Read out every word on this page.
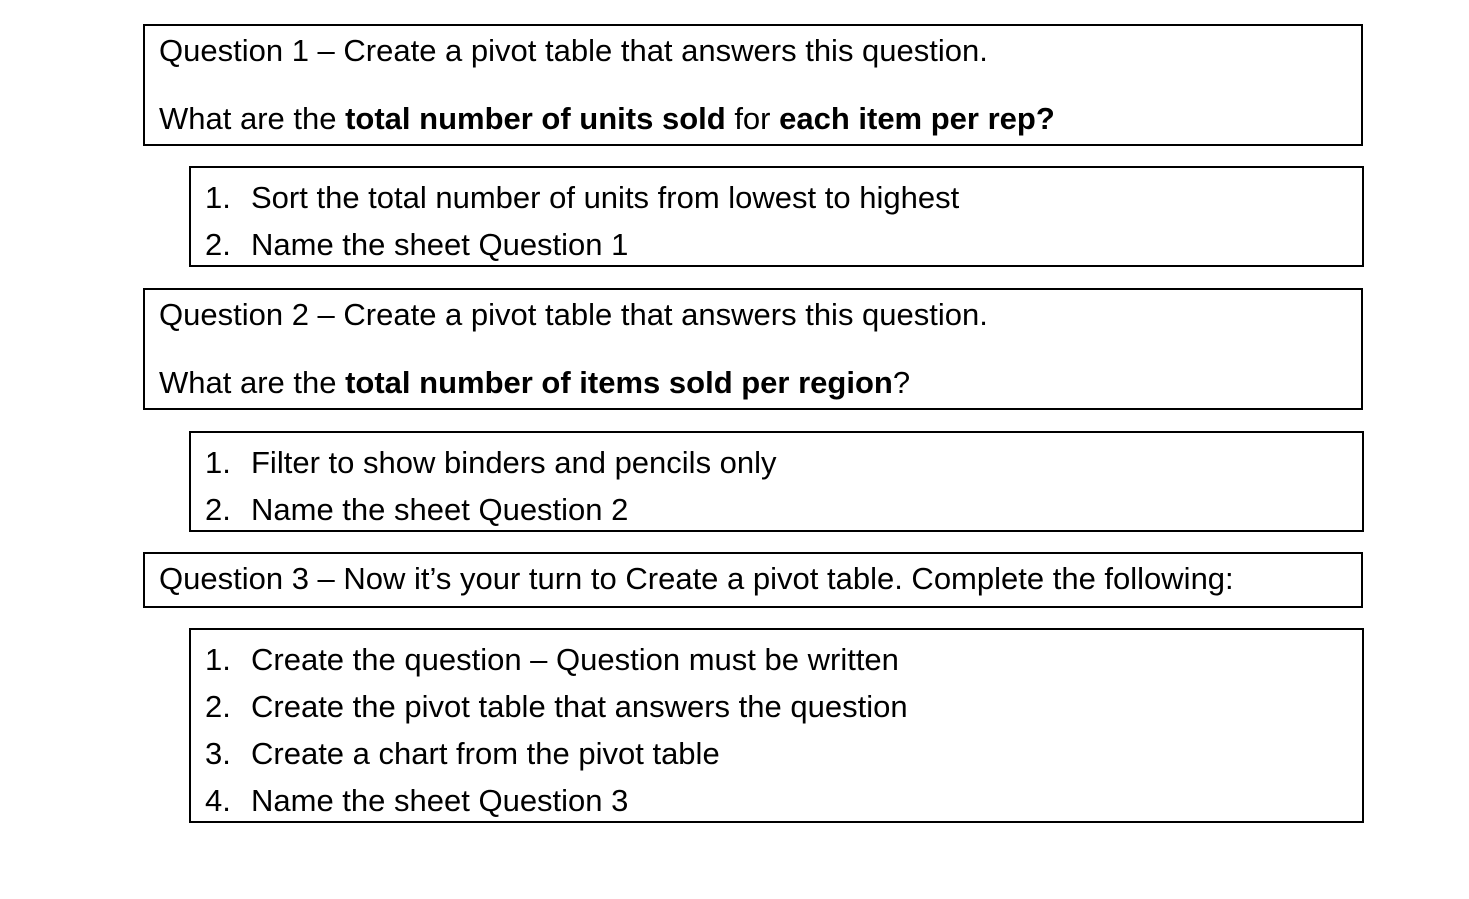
Question 1 – Create a pivot table that answers this question.

What are the total number of units sold for each item per rep?

1. Sort the total number of units from lowest to highest
2. Name the sheet Question 1

Question 2 – Create a pivot table that answers this question.

What are the total number of items sold per region?

1. Filter to show binders and pencils only
2. Name the sheet Question 2

Question 3 – Now it’s your turn to Create a pivot table. Complete the following:

1. Create the question – Question must be written
2. Create the pivot table that answers the question
3. Create a chart from the pivot table
4. Name the sheet Question 3
